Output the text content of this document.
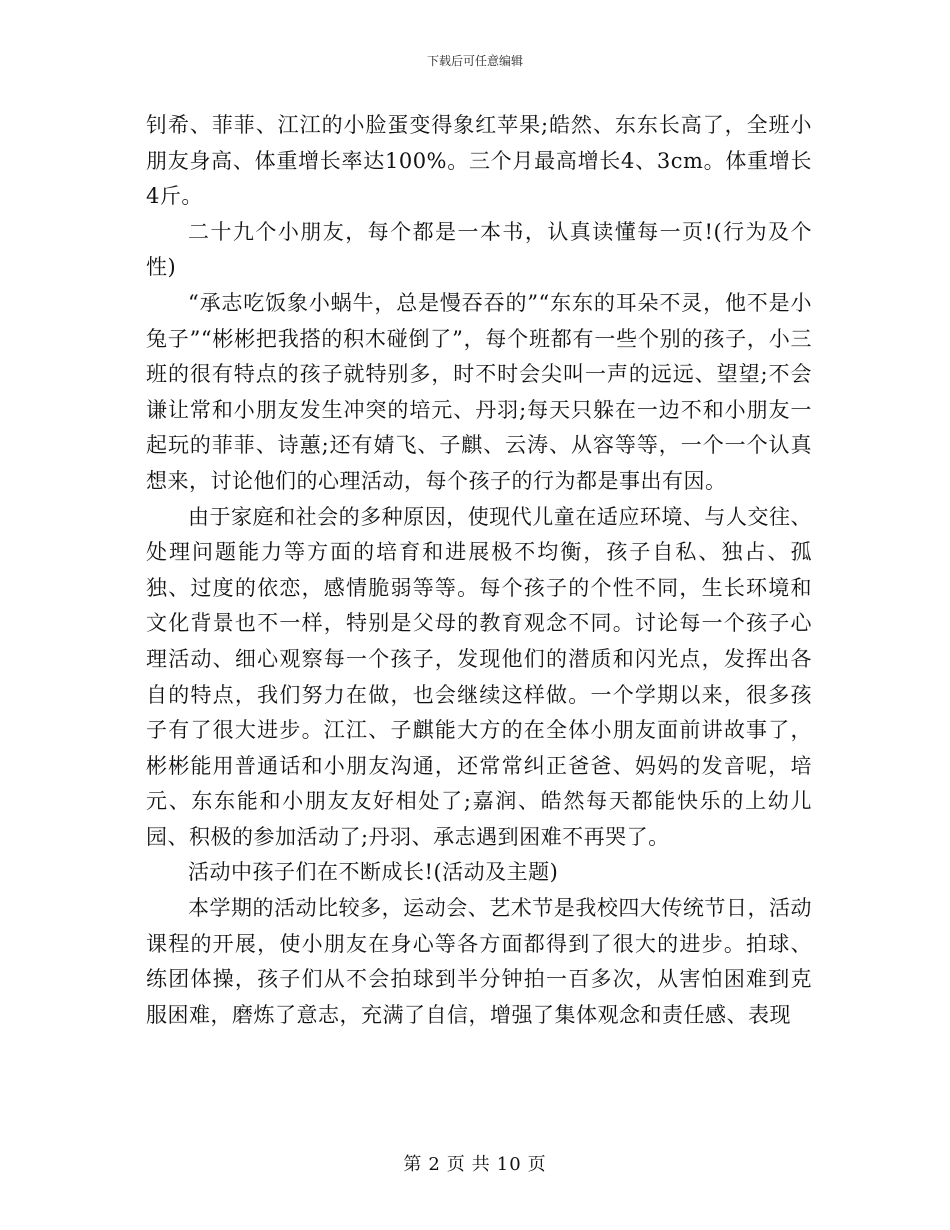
下载后可任意编辑

钊希、菲菲、江江的小脸蛋变得象红苹果;皓然、东东长高了，全班小朋友身高、体重增长率达100%。三个月最高增长4、3cm。体重增长4斤。

二十九个小朋友，每个都是一本书，认真读懂每一页!(行为及个性)

“承志吃饭象小蜗牛，总是慢吞吞的”“东东的耳朵不灵，他不是小兔子”“彬彬把我搭的积木碰倒了”，每个班都有一些个别的孩子，小三班的很有特点的孩子就特别多，时不时会尖叫一声的远远、望望;不会谦让常和小朋友发生冲突的培元、丹羽;每天只躲在一边不和小朋友一起玩的菲菲、诗蕙;还有婧飞、子麒、云涛、从容等等，一个一个认真想来，讨论他们的心理活动，每个孩子的行为都是事出有因。

由于家庭和社会的多种原因，使现代儿童在适应环境、与人交往、处理问题能力等方面的培育和进展极不均衡，孩子自私、独占、孤独、过度的依恋，感情脆弱等等。每个孩子的个性不同，生长环境和文化背景也不一样，特别是父母的教育观念不同。讨论每一个孩子心理活动、细心观察每一个孩子，发现他们的潜质和闪光点，发挥出各自的特点，我们努力在做，也会继续这样做。一个学期以来，很多孩子有了很大进步。江江、子麒能大方的在全体小朋友面前讲故事了，彬彬能用普通话和小朋友沟通，还常常纠正爸爸、妈妈的发音呢，培元、东东能和小朋友友好相处了;嘉润、皓然每天都能快乐的上幼儿园、积极的参加活动了;丹羽、承志遇到困难不再哭了。

活动中孩子们在不断成长!(活动及主题)

本学期的活动比较多，运动会、艺术节是我校四大传统节日，活动课程的开展，使小朋友在身心等各方面都得到了很大的进步。拍球、练团体操，孩子们从不会拍球到半分钟拍一百多次，从害怕困难到克服困难，磨炼了意志，充满了自信，增强了集体观念和责任感、表现

第 2 页 共 10 页
